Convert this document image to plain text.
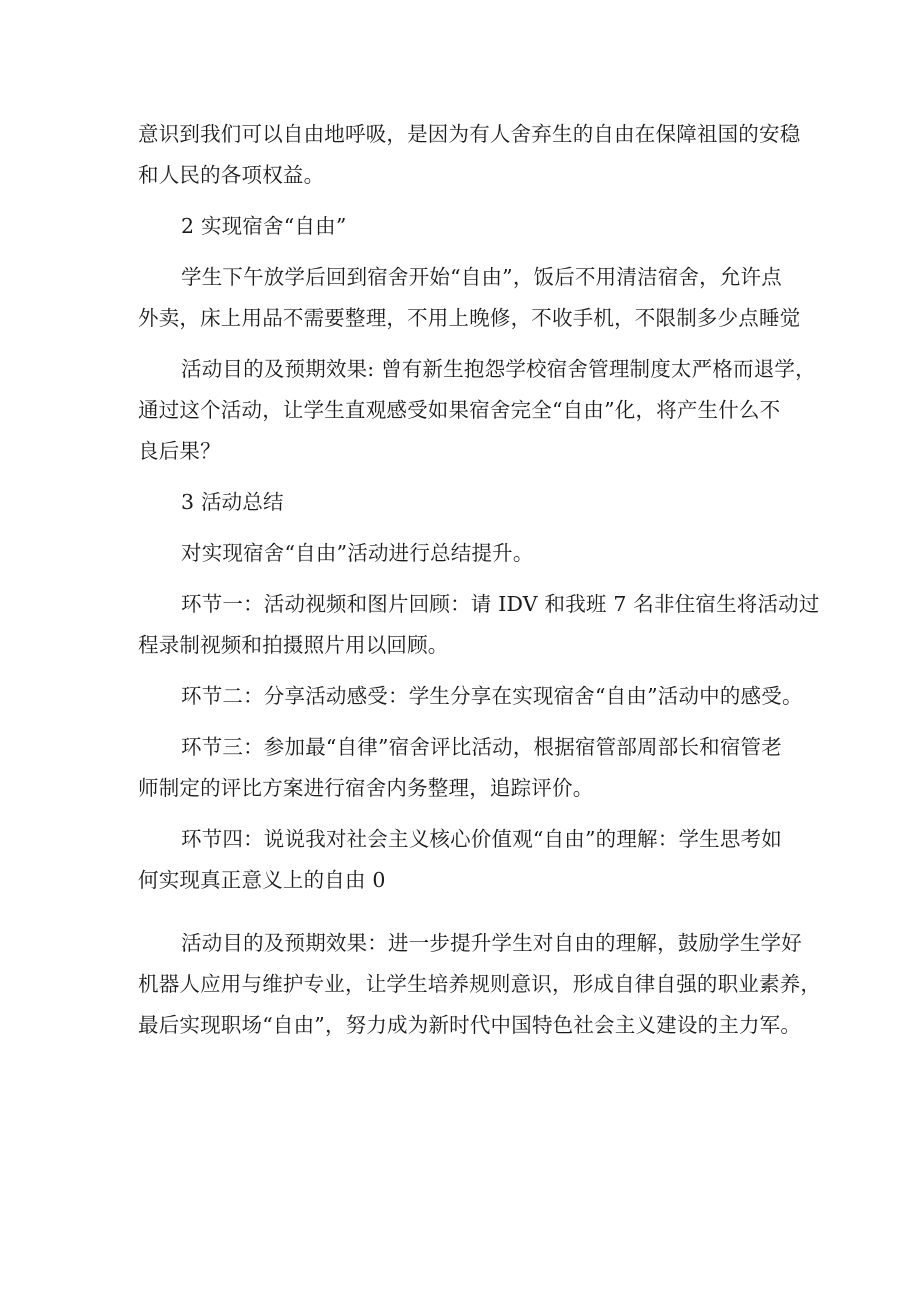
意识到我们可以自由地呼吸，是因为有人舍弃生的自由在保障祖国的安稳
和人民的各项权益。
2 实现宿舍“自由”
学生下午放学后回到宿舍开始“自由”，饭后不用清洁宿舍，允许点
外卖，床上用品不需要整理，不用上晚修，不收手机，不限制多少点睡觉
活动目的及预期效果: 曾有新生抱怨学校宿舍管理制度太严格而退学，
通过这个活动，让学生直观感受如果宿舍完全“自由”化，将产生什么不
良后果？
3 活动总结
对实现宿舍“自由”活动进行总结提升。
环节一：活动视频和图片回顾：请 IDV 和我班 7 名非住宿生将活动过
程录制视频和拍摄照片用以回顾。
环节二：分享活动感受：学生分享在实现宿舍“自由”活动中的感受。
环节三：参加最“自律”宿舍评比活动，根据宿管部周部长和宿管老
师制定的评比方案进行宿舍内务整理，追踪评价。
环节四：说说我对社会主义核心价值观“自由”的理解：学生思考如
何实现真正意义上的自由 0
活动目的及预期效果：进一步提升学生对自由的理解，鼓励学生学好
机器人应用与维护专业，让学生培养规则意识，形成自律自强的职业素养，
最后实现职场“自由”，努力成为新时代中国特色社会主义建设的主力军。
